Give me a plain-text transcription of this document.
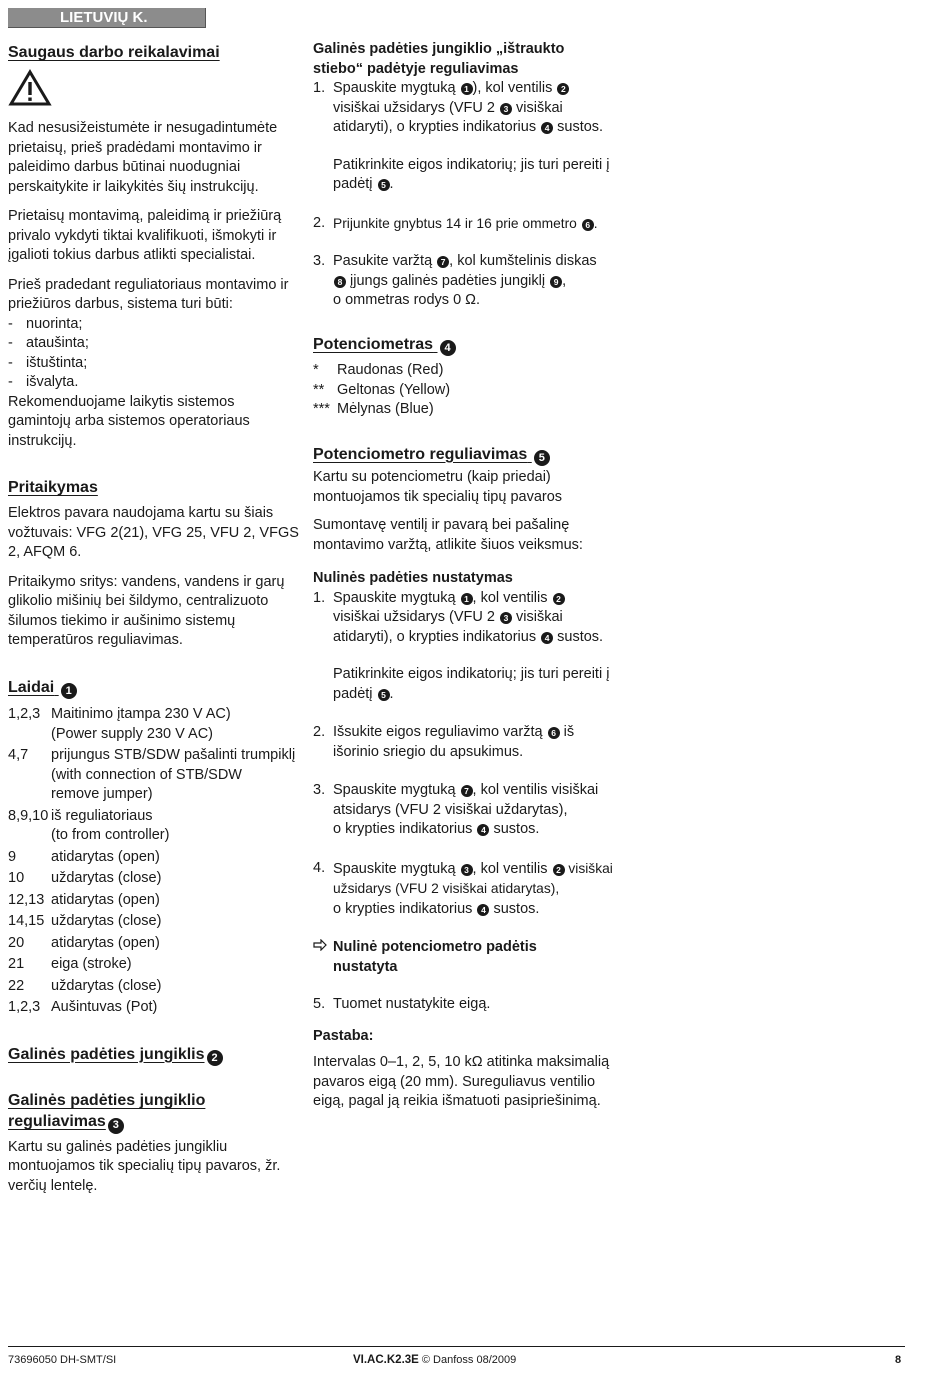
LIETUVIŲ K.
Saugaus darbo reikalavimai

Kad nesusižeistumėte ir nesugadintumėte prietaisų, prieš pradėdami montavimo ir paleidimo darbus būtinai nuodugniai perskaitykite ir laikykitės šių instrukcijų.

Prietaisų montavimą, paleidimą ir priežiūrą privalo vykdyti tiktai kvalifikuoti, išmokyti ir įgalioti tokius darbus atlikti specialistai.

Prieš pradedant reguliatoriaus montavimo ir priežiūros darbus, sistema turi būti:

- nuorinta;
- ataušinta;
- ištuštinta;
- išvalyta.

Rekomenduojame laikytis sistemos gamintojų arba sistemos operatoriaus instrukcijų.

Pritaikymas

Elektros pavara naudojama kartu su šiais vožtuvais: VFG 2(21), VFG 25, VFU 2, VFGS 2, AFQM 6.

Pritaikymo sritys: vandens, vandens ir garų glikolio mišinių bei šildymo, centralizuoto šilumos tiekimo ir aušinimo sistemų temperatūros reguliavimas.

Laidai 1
1,2,3 Maitinimo įtampa 230 V AC)
(Power supply 230 V AC)
4,7	prijungus STB/SDW pašalinti trumpiklį
(with connection of STB/SDW
remove jumper)
8,9,10 iš reguliatoriaus
(to from controller)
9	atidarytas (open)
10	uždarytas (close)
12,13 atidarytas (open)
14,15 uždarytas (close)
20	atidarytas (open)
21	eiga (stroke)
22	uždarytas (close)
1,2,3 Aušintuvas (Pot)
Galinės padėties jungiklis 2
Galinės padėties jungiklio
reguliavimas 3

Kartu su galinės padėties jungikliu montuojamos tik specialių tipų pavaros, žr. verčių lentelę.

Galinės padėties jungiklio „ištraukto stiebo“ padėtyje reguliavimas
1. Spauskite mygtuką 1 ), kol ventilis 2 visiškai užsidarys (VFU 2 3 visiškai atidaryti), o krypties indikatorius 4 sustos.
Patikrinkite eigos indikatorių; jis turi pereiti į padėtį 5 .
2. Prijunkite gnybtus 14 ir 16 prie ommetro 6 .
3. Pasukite varžtą 7 , kol kumštelinis diskas 8 įjungs galinės padėties jungiklį 9 ,
o ommetras rodys 0 Ω.
Potenciometras 4
*	Raudonas (Red)
** Geltonas (Yellow)
*** Mėlynas (Blue)
Potenciometro reguliavimas 5

Kartu su potenciometru (kaip priedai) montuojamos tik specialių tipų pavaros

Sumontavę ventilį ir pavarą bei pašalinę montavimo varžtą, atlikite šiuos veiksmus:

Nulinės padėties nustatymas
1. Spauskite mygtuką 1 , kol ventilis 2 visiškai užsidarys (VFU 2 3 visiškai atidaryti), o krypties indikatorius 4 sustos.
Patikrinkite eigos indikatorių; jis turi pereiti į padėtį 5 .
2. Išsukite eigos reguliavimo varžtą 6 iš išorinio sriegio du apsukimus.
3. Spauskite mygtuką 7 , kol ventilis visiškai atsidarys (VFU 2 visiškai uždarytas),
o krypties indikatorius 4 sustos.
4. Spauskite mygtuką 3 , kol ventilis 2 visiškai užsidarys (VFU 2 visiškai atidarytas),
o krypties indikatorius 4 sustos.
Nulinė potenciometro padėtis
nustatyta
5. Tuomet nustatykite eigą.
Pastaba:

Intervalas 0–1, 2, 5, 10 kΩ atitinka maksimalią pavaros eigą (20 mm). Sureguliavus ventilio eigą, pagal ją reikia išmatuoti pasipriešinimą.

73696050 DH-SMT/SI	VI.AC.K2.3E © Danfoss 08/2009	8
